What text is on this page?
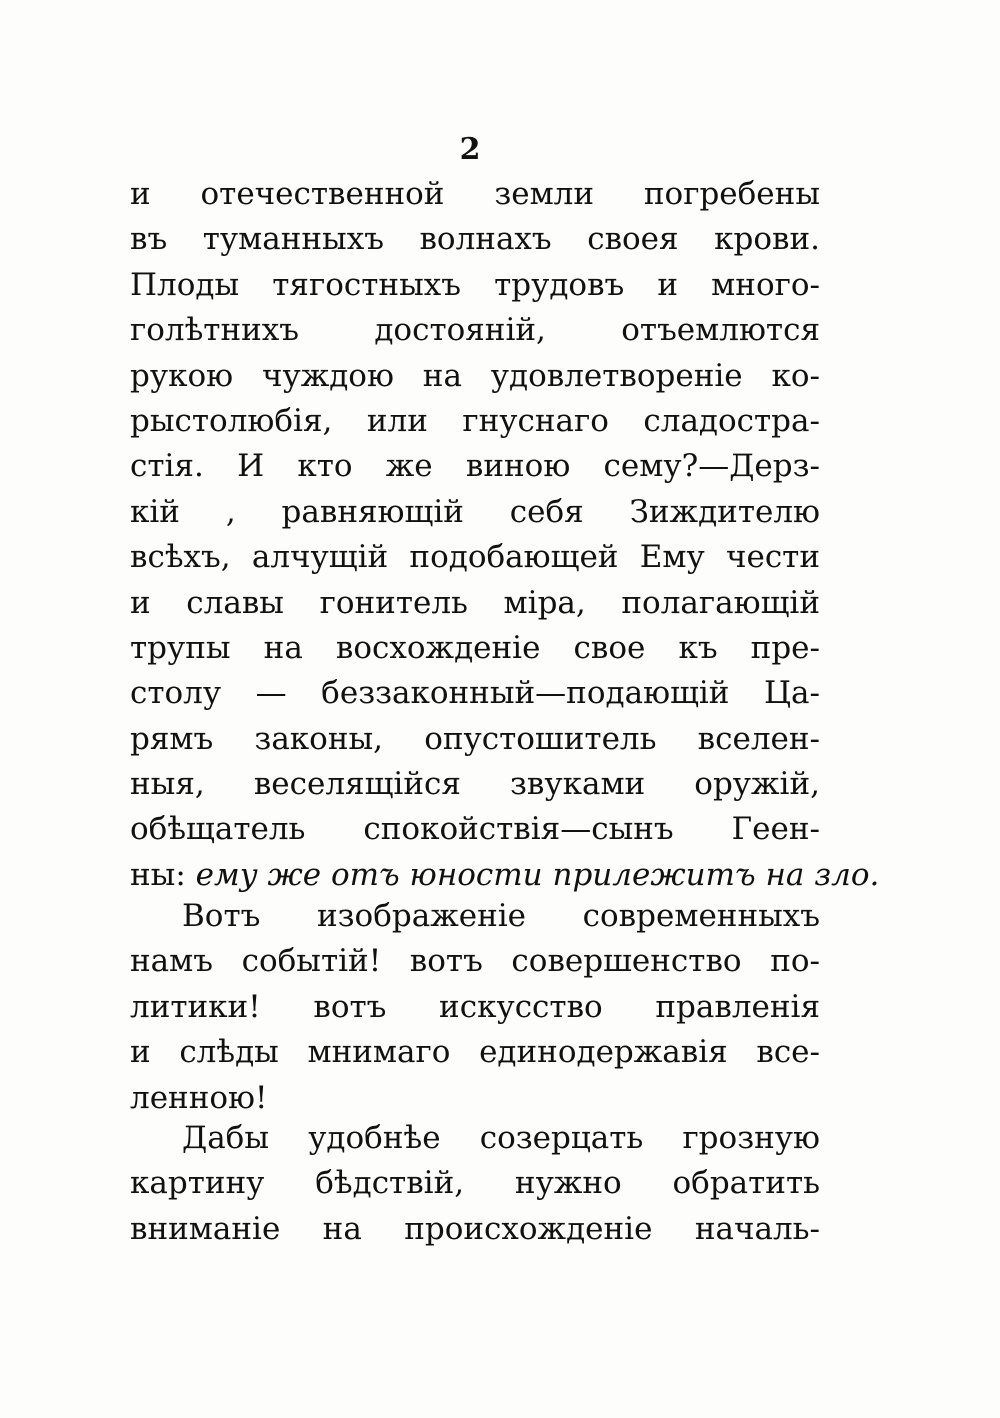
2
и отечественной земли погребены
въ туманныхъ волнахъ своея крови.
Плоды тягостныхъ трудовъ и много-
голѣтнихъ достояній, отъемлются
рукою чуждою на удовлетвореніе ко-
рыстолюбія, или гнуснаго сладостра-
стія. И кто же виною сему?—Дерз-
кій , равняющій себя Зиждителю
всѣхъ, алчущій подобающей Ему чести
и славы гонитель міра, полагающій
трупы на восхожденіе свое къ пре-
столу — беззаконный—подающій Ца-
рямъ законы, опустошитель вселен-
ныя, веселящійся звуками оружій,
обѣщатель спокойствія—сынъ Геен-
ны: ему же отъ юности прилежитъ на зло.
Вотъ изображеніе современныхъ
намъ событій! вотъ совершенство по-
литики! вотъ искусство правленія
и слѣды мнимаго единодержавія все-
ленною!
Дабы удобнѣе созерцать грозную
картину бѣдствій, нужно обратить
вниманіе на происхожденіе началь-
